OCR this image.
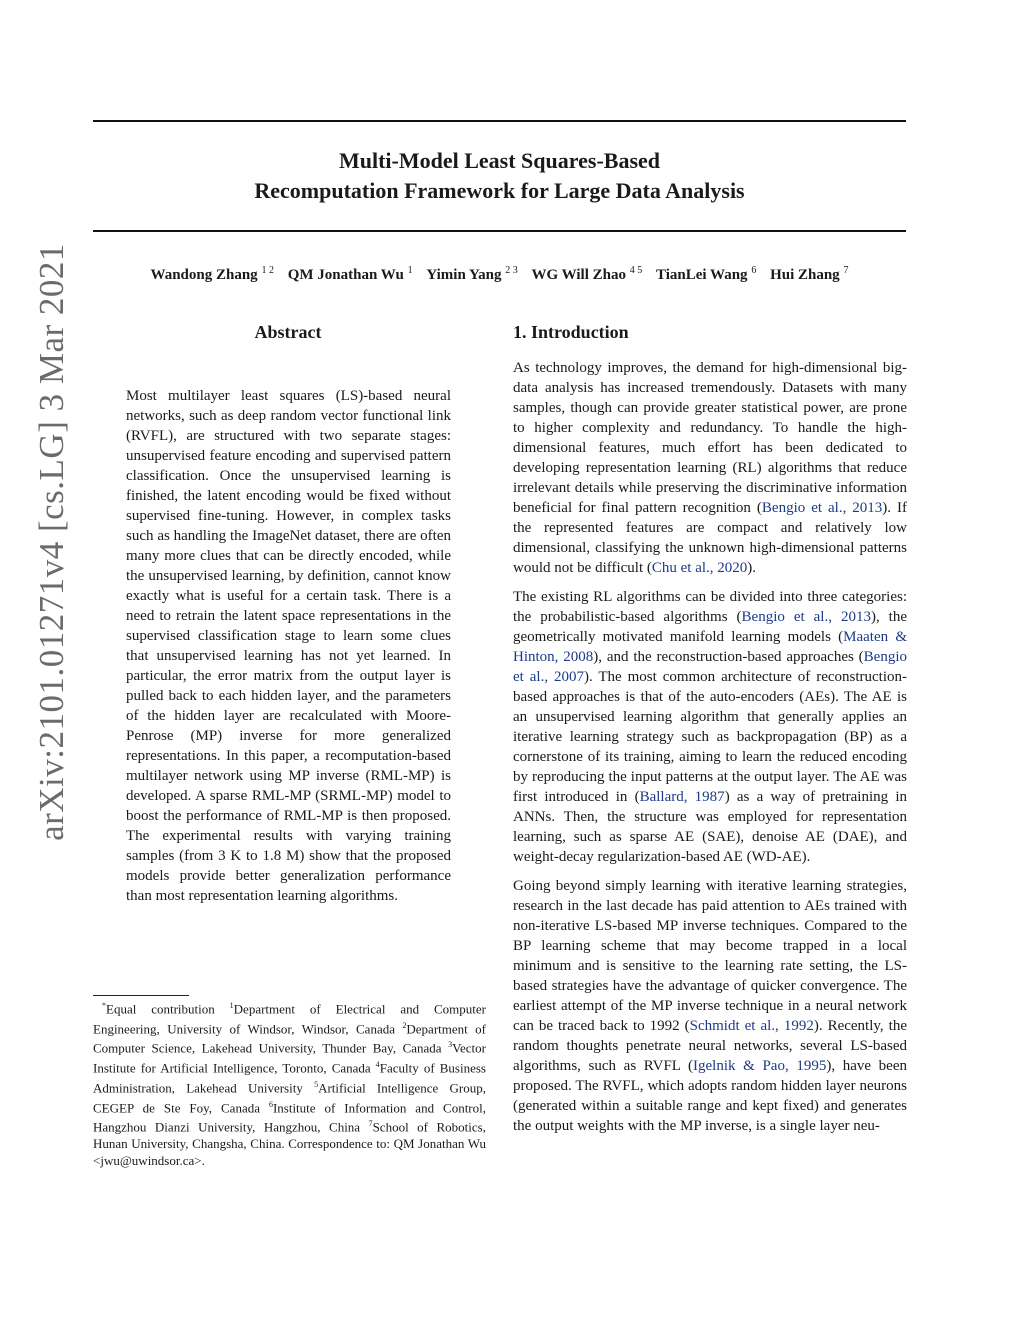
Multi-Model Least Squares-Based
Recomputation Framework for Large Data Analysis
Wandong Zhang $^{1 2}$ QM Jonathan Wu $^1$ Yimin Yang $^{2 3}$ WG Will Zhao $^{4 5}$ TianLei Wang $^6$ Hui Zhang $^7$
arXiv:2101.01271v4 [cs.LG] 3 Mar 2021	Abstract

Most multilayer least squares (LS)-based neural networks, such as deep random vector functional link (RVFL), are structured with two separate stages: unsupervised feature encoding and supervised pattern classification. Once the unsupervised learning is finished, the latent encoding would be fixed without supervised fine-tuning. However, in complex tasks such as handling the ImageNet dataset, there are often many more clues that can be directly encoded, while the unsupervised learning, by definition, cannot know exactly what is useful for a certain task. There is a need to retrain the latent space representations in the supervised classification stage to learn some clues that unsupervised learning has not yet learned. In particular, the error matrix from the output layer is pulled back to each hidden layer, and the parameters of the hidden layer are recalculated with Moore-Penrose (MP) inverse for more generalized representations. In this paper, a recomputation-based multilayer network using MP inverse (RML-MP) is developed. A sparse RML-MP (SRML-MP) model to boost the performance of RML-MP is then proposed. The experimental results with varying training samples (from 3 K to 1.8 M) show that the proposed models provide better generalization performance than most representation learning algorithms.

*Equal contribution $^1$Department of Electrical and Computer Engineering, University of Windsor, Windsor, Canada $^2$Department of Computer Science, Lakehead University, Thunder Bay, Canada $^3$Vector Institute for Artificial Intelligence, Toronto, Canada $^4$Faculty of Business Administration, Lakehead University $^5$Artificial Intelligence Group, CEGEP de Ste Foy, Canada $^6$Institute of Information and Control, Hangzhou Dianzi University, Hangzhou, China $^7$School of Robotics, Hunan University, Changsha, China. Correspondence to: QM Jonathan Wu <jwu@uwindsor.ca>.

1. Introduction

As technology improves, the demand for high-dimensional big-data analysis has increased tremendously. Datasets with many samples, though can provide greater statistical power, are prone to higher complexity and redundancy. To handle the high-dimensional features, much effort has been dedicated to developing representation learning (RL) algorithms that reduce irrelevant details while preserving the discriminative information beneficial for final pattern recognition (Bengio et al., 2013). If the represented features are compact and relatively low dimensional, classifying the unknown high-dimensional patterns would not be difficult (Chu et al., 2020).

The existing RL algorithms can be divided into three categories: the probabilistic-based algorithms (Bengio et al., 2013), the geometrically motivated manifold learning models (Maaten & Hinton, 2008), and the reconstruction-based approaches (Bengio et al., 2007). The most common architecture of reconstruction-based approaches is that of the auto-encoders (AEs). The AE is an unsupervised learning algorithm that generally applies an iterative learning strategy such as backpropagation (BP) as a cornerstone of its training, aiming to learn the reduced encoding by reproducing the input patterns at the output layer. The AE was first introduced in (Ballard, 1987) as a way of pretraining in ANNs. Then, the structure was employed for representation learning, such as sparse AE (SAE), denoise AE (DAE), and weight-decay regularization-based AE (WD-AE).

Going beyond simply learning with iterative learning strategies, research in the last decade has paid attention to AEs trained with non-iterative LS-based MP inverse techniques. Compared to the BP learning scheme that may become trapped in a local minimum and is sensitive to the learning rate setting, the LS-based strategies have the advantage of quicker convergence. The earliest attempt of the MP inverse technique in a neural network can be traced back to 1992 (Schmidt et al., 1992). Recently, the random thoughts penetrate neural networks, several LS-based algorithms, such as RVFL (Igelnik & Pao, 1995), have been proposed. The RVFL, which adopts random hidden layer neurons (generated within a suitable range and kept fixed) and generates the output weights with the MP inverse, is a single layer neu-
